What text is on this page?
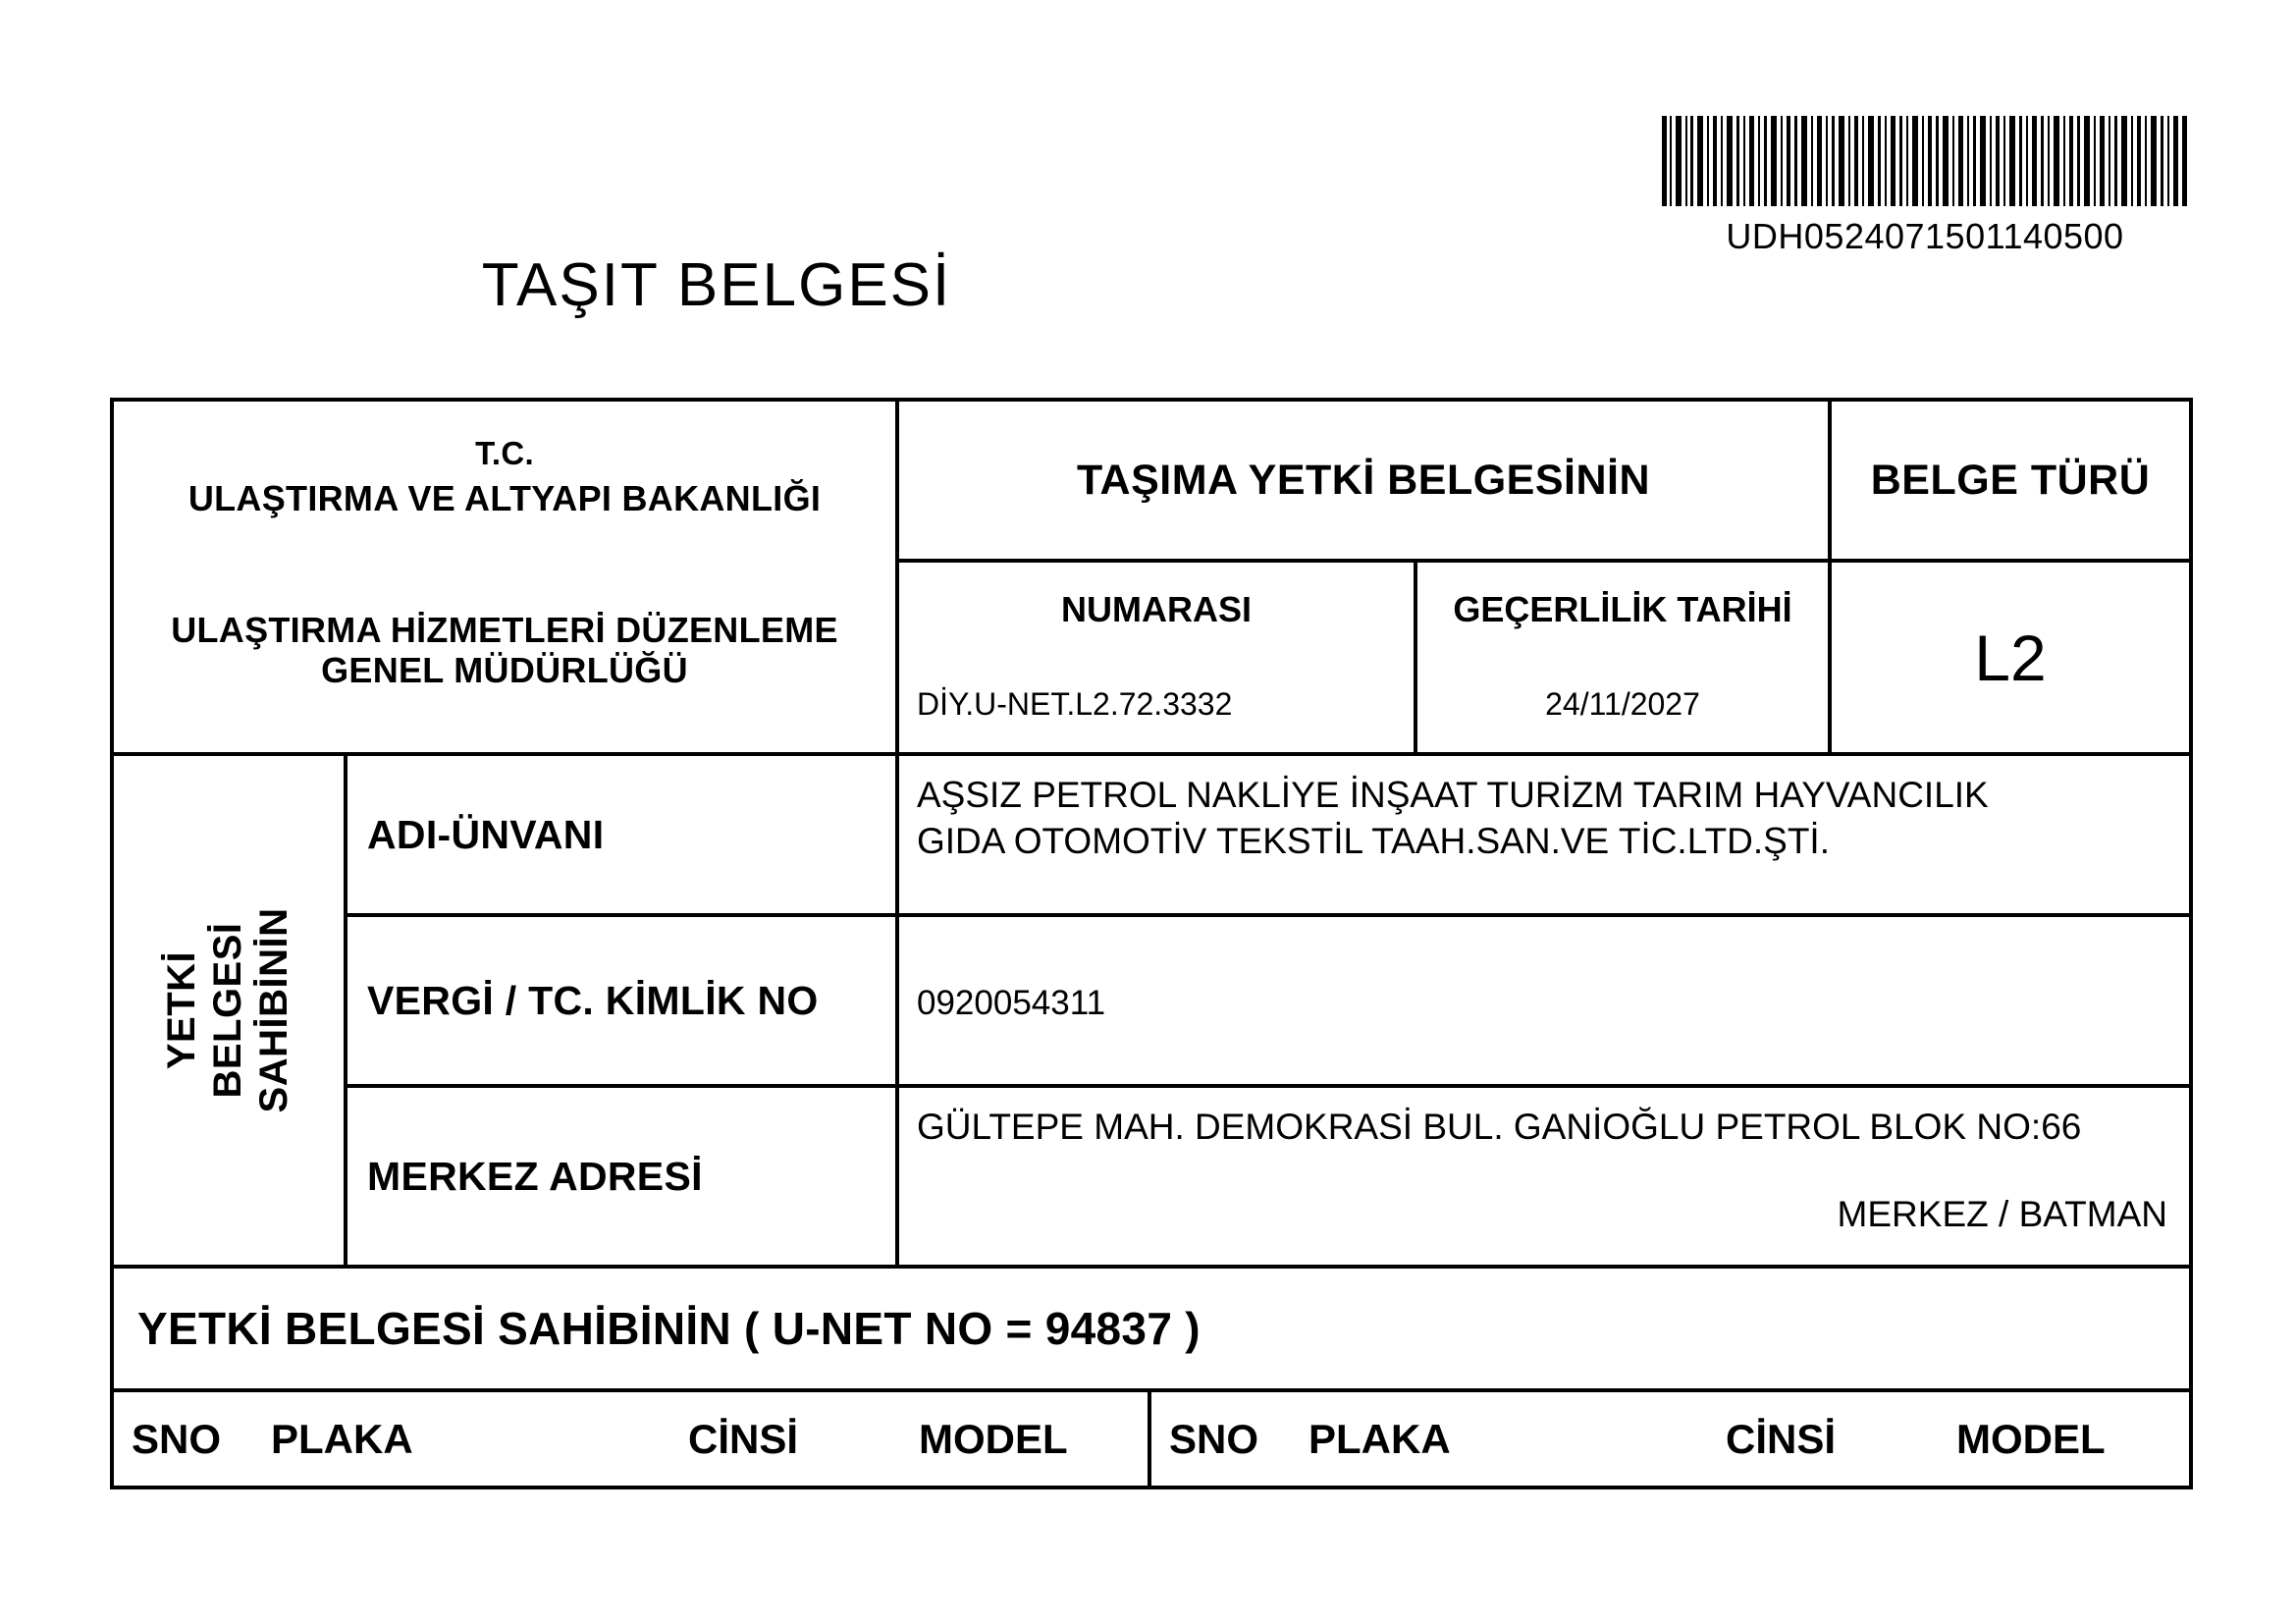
UDH0524071501140500
TAŞIT BELGESİ
T.C.
ULAŞTIRMA VE ALTYAPI BAKANLIĞI
ULAŞTIRMA HİZMETLERİ DÜZENLEME
GENEL MÜDÜRLÜĞÜ
TAŞIMA YETKİ BELGESİNİN
NUMARASI	GEÇERLİLİK TARİHİ
DİY.U-NET.L2.72.3332	24/11/2027
BELGE TÜRÜ
L2
YETKİ BELGESİ SAHİBİNİN
ADI-ÜNVANI
AŞSIZ PETROL NAKLİYE İNŞAAT TURİZM TARIM HAYVANCILIK
GIDA OTOMOTİV TEKSTİL TAAH.SAN.VE TİC.LTD.ŞTİ.
VERGİ / TC. KİMLİK NO	0920054311
MERKEZ ADRESİ
GÜLTEPE MAH. DEMOKRASİ BUL. GANİOĞLU PETROL BLOK NO:66
MERKEZ / BATMAN
YETKİ BELGESİ SAHİBİNİN ( U-NET NO = 94837 )
SNO PLAKA	CİNSİ	MODEL SNO PLAKA	CİNSİ	MODEL
